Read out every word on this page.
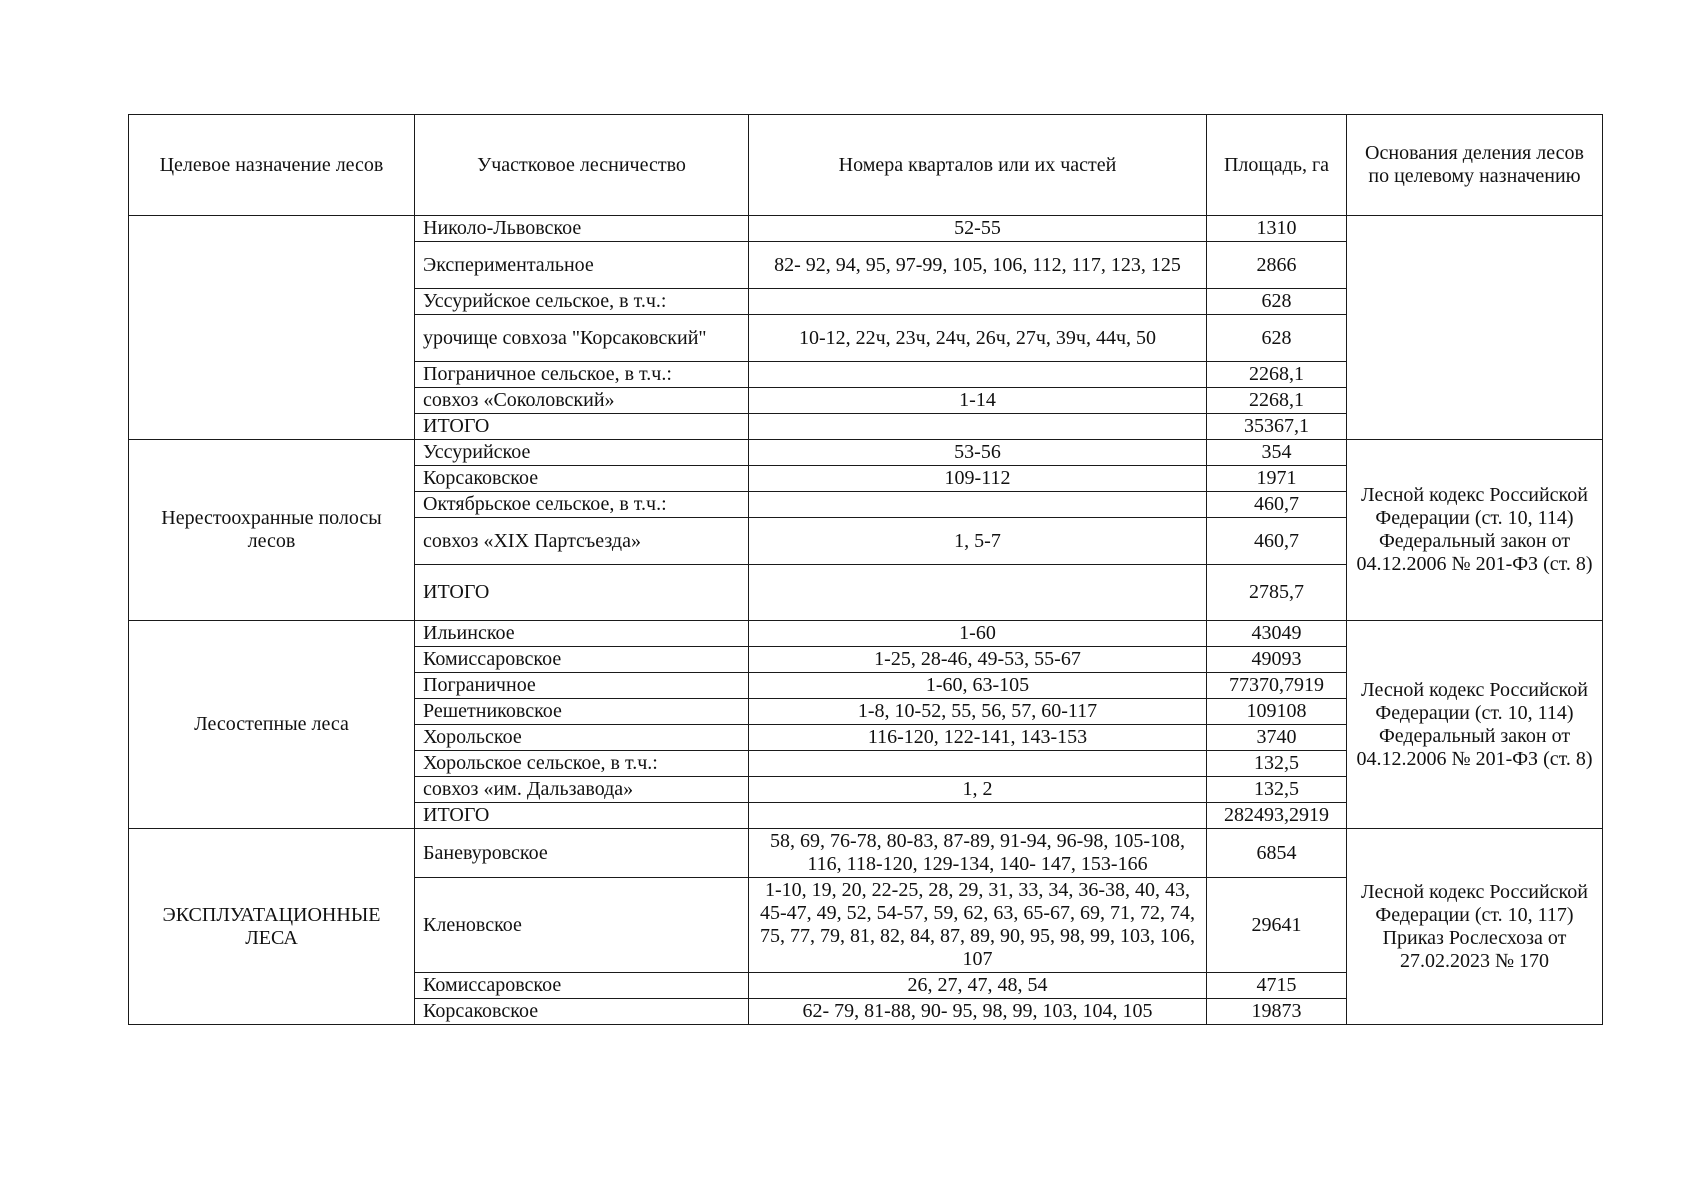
Целевое назначение лесов	Участковое лесничество	Номера кварталов или их частей	Площадь, га	Основания деления лесов по целевому назначению
	Николо-Львовское	52-55	1310	
	Экспериментальное	82- 92, 94, 95, 97-99, 105, 106, 112, 117, 123, 125	2866	
	Уссурийское сельское, в т.ч.:		628	
	урочище совхоза "Корсаковский"	10-12, 22ч, 23ч, 24ч, 26ч, 27ч, 39ч, 44ч, 50	628	
	Пограничное сельское, в т.ч.:		2268,1	
	совхоз «Соколовский»	1-14	2268,1	
	ИТОГО		35367,1	
Нерестоохранные полосы лесов	Уссурийское	53-56	354	Лесной кодекс Российской Федерации (ст. 10, 114) Федеральный закон от 04.12.2006 № 201-ФЗ (ст. 8)
	Корсаковское	109-112	1971	
	Октябрьское сельское, в т.ч.:		460,7	
	совхоз «XIX Партсъезда»	1, 5-7	460,7	
	ИТОГО		2785,7	
Лесостепные леса	Ильинское	1-60	43049	Лесной кодекс Российской Федерации (ст. 10, 114) Федеральный закон от 04.12.2006 № 201-ФЗ (ст. 8)
	Комиссаровское	1-25, 28-46, 49-53, 55-67	49093	
	Пограничное	1-60, 63-105	77370,7919	
	Решетниковское	1-8, 10-52, 55, 56, 57, 60-117	109108	
	Хорольское	116-120, 122-141, 143-153	3740	
	Хорольское сельское, в т.ч.:		132,5	
	совхоз «им. Дальзавода»	1, 2	132,5	
	ИТОГО		282493,2919	
ЭКСПЛУАТАЦИОННЫЕ ЛЕСА	Баневуровское	58, 69, 76-78, 80-83, 87-89, 91-94, 96-98, 105-108, 116, 118-120, 129-134, 140- 147, 153-166	6854	Лесной кодекс Российской Федерации (ст. 10, 117) Приказ Рослесхоза от 27.02.2023 № 170
	Кленовское	1-10, 19, 20, 22-25, 28, 29, 31, 33, 34, 36-38, 40, 43, 45-47, 49, 52, 54-57, 59, 62, 63, 65-67, 69, 71, 72, 74, 75, 77, 79, 81, 82, 84, 87, 89, 90, 95, 98, 99, 103, 106, 107	29641	
	Комиссаровское	26, 27, 47, 48, 54	4715	
	Корсаковское	62- 79, 81-88, 90- 95, 98, 99, 103, 104, 105	19873	
